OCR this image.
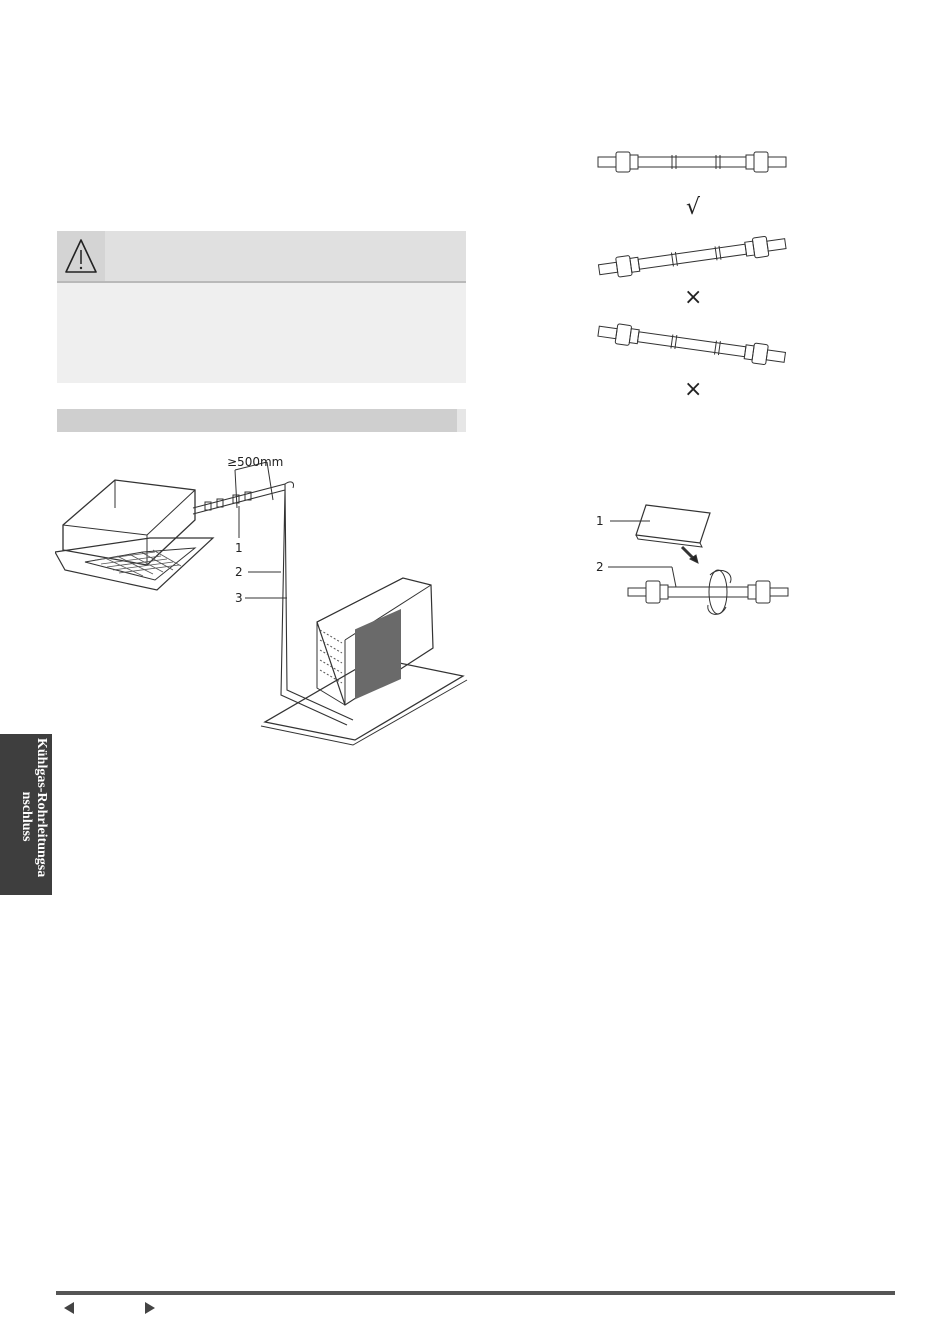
≥500mm
1
2
3
√
×
×
1
2
Kühlgas-Rohrleitungsa
nschluss
